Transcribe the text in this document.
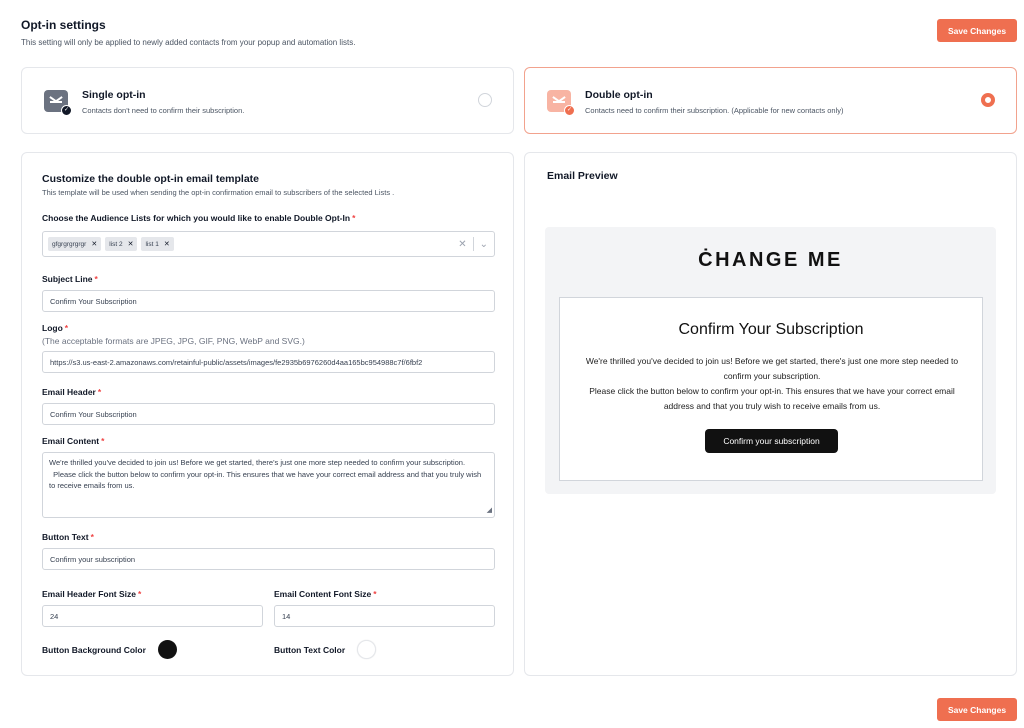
Opt-in settings
This setting will only be applied to newly added contacts from your popup and automation lists.
Save Changes
✓
Single opt-in
Contacts don't need to confirm their subscription.	✓
Double opt-in
Contacts need to confirm their subscription. (Applicable for new contacts only)
Customize the double opt-in email template
This template will be used when sending the opt-in confirmation email to subscribers of the selected Lists .
Choose the Audience Lists for which you would like to enable Double Opt-In *
gfgrgrgrgrgr ✕ list 2 ✕ list 1 ✕	✕ ⌄
Subject Line *
Confirm Your Subscription
Logo *
(The acceptable formats are JPEG, JPG, GIF, PNG, WebP and SVG.)
https://s3.us-east-2.amazonaws.com/retainful-public/assets/images/fe2935b6976260d4aa165bc954988c7f/6fbf2
Email Header *
Confirm Your Subscription
Email Content *
We're thrilled you've decided to join us! Before we get started, there's just one more step needed to confirm your subscription.
Please click the button below to confirm your opt-in. This ensures that we have your correct email address and that you truly wish to receive emails from us.
◢
Button Text *
Confirm your subscription
Email Header Font Size *
24
Email Content Font Size *
14
Button Background Color	Button Text Color
Email Preview
ĊHANGE ME
Confirm Your Subscription
We're thrilled you've decided to join us! Before we get started, there's just one more step needed to confirm your subscription.
Please click the button below to confirm your opt-in. This ensures that we have your correct email address and that you truly wish to receive emails from us.
Confirm your subscription
Save Changes
